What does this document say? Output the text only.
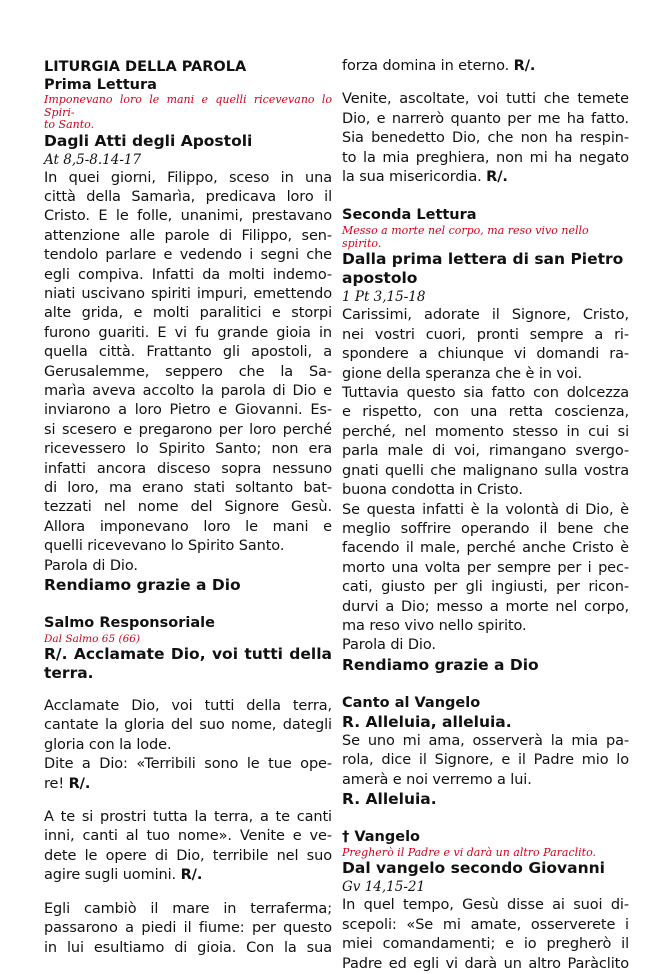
LITURGIA DELLA PAROLA
Prima Lettura
Imponevano loro le mani e quelli ricevevano lo Spiri-
to Santo.
Dagli Atti degli Apostoli
At 8,5-8.14-17
In quei giorni, Filippo, sceso in una
città della Samarìa, predicava loro il
Cristo. E le folle, unanimi, prestavano
attenzione alle parole di Filippo, sen-
tendolo parlare e vedendo i segni che
egli compiva. Infatti da molti indemo-
niati uscivano spiriti impuri, emettendo
alte grida, e molti paralitici e storpi
furono guariti. E vi fu grande gioia in
quella città. Frattanto gli apostoli, a
Gerusalemme, seppero che la Sa-
marìa aveva accolto la parola di Dio e
inviarono a loro Pietro e Giovanni. Es-
si scesero e pregarono per loro perché
ricevessero lo Spirito Santo; non era
infatti ancora disceso sopra nessuno
di loro, ma erano stati soltanto bat-
tezzati nel nome del Signore Gesù.
Allora imponevano loro le mani e
quelli ricevevano lo Spirito Santo.
Parola di Dio.
Rendiamo grazie a Dio
Salmo Responsoriale
Dal Salmo 65 (66)
R/. Acclamate Dio, voi tutti della
terra.
Acclamate Dio, voi tutti della terra,
cantate la gloria del suo nome, dategli
gloria con la lode.
Dite a Dio: «Terribili sono le tue ope-
re! R/.
A te si prostri tutta la terra, a te canti
inni, canti al tuo nome». Venite e ve-
dete le opere di Dio, terribile nel suo
agire sugli uomini. R/.
Egli cambiò il mare in terraferma;
passarono a piedi il fiume: per questo
in lui esultiamo di gioia. Con la sua
forza domina in eterno. R/.
Venite, ascoltate, voi tutti che temete
Dio, e narrerò quanto per me ha fatto.
Sia benedetto Dio, che non ha respin-
to la mia preghiera, non mi ha negato
la sua misericordia. R/.
Seconda Lettura
Messo a morte nel corpo, ma reso vivo nello spirito.
Dalla prima lettera di san Pietro
apostolo
1 Pt 3,15-18
Carissimi, adorate il Signore, Cristo,
nei vostri cuori, pronti sempre a ri-
spondere a chiunque vi domandi ra-
gione della speranza che è in voi.
Tuttavia questo sia fatto con dolcezza
e rispetto, con una retta coscienza,
perché, nel momento stesso in cui si
parla male di voi, rimangano svergo-
gnati quelli che malignano sulla vostra
buona condotta in Cristo.
Se questa infatti è la volontà di Dio, è
meglio soffrire operando il bene che
facendo il male, perché anche Cristo è
morto una volta per sempre per i pec-
cati, giusto per gli ingiusti, per ricon-
durvi a Dio; messo a morte nel corpo,
ma reso vivo nello spirito.
Parola di Dio.
Rendiamo grazie a Dio
Canto al Vangelo
R. Alleluia, alleluia.
Se uno mi ama, osserverà la mia pa-
rola, dice il Signore, e il Padre mio lo
amerà e noi verremo a lui.
R. Alleluia.
† Vangelo
Pregherò il Padre e vi darà un altro Paraclito.
Dal vangelo secondo Giovanni
Gv 14,15-21
In quel tempo, Gesù disse ai suoi di-
scepoli: «Se mi amate, osserverete i
miei comandamenti; e io pregherò il
Padre ed egli vi darà un altro Paràclito
